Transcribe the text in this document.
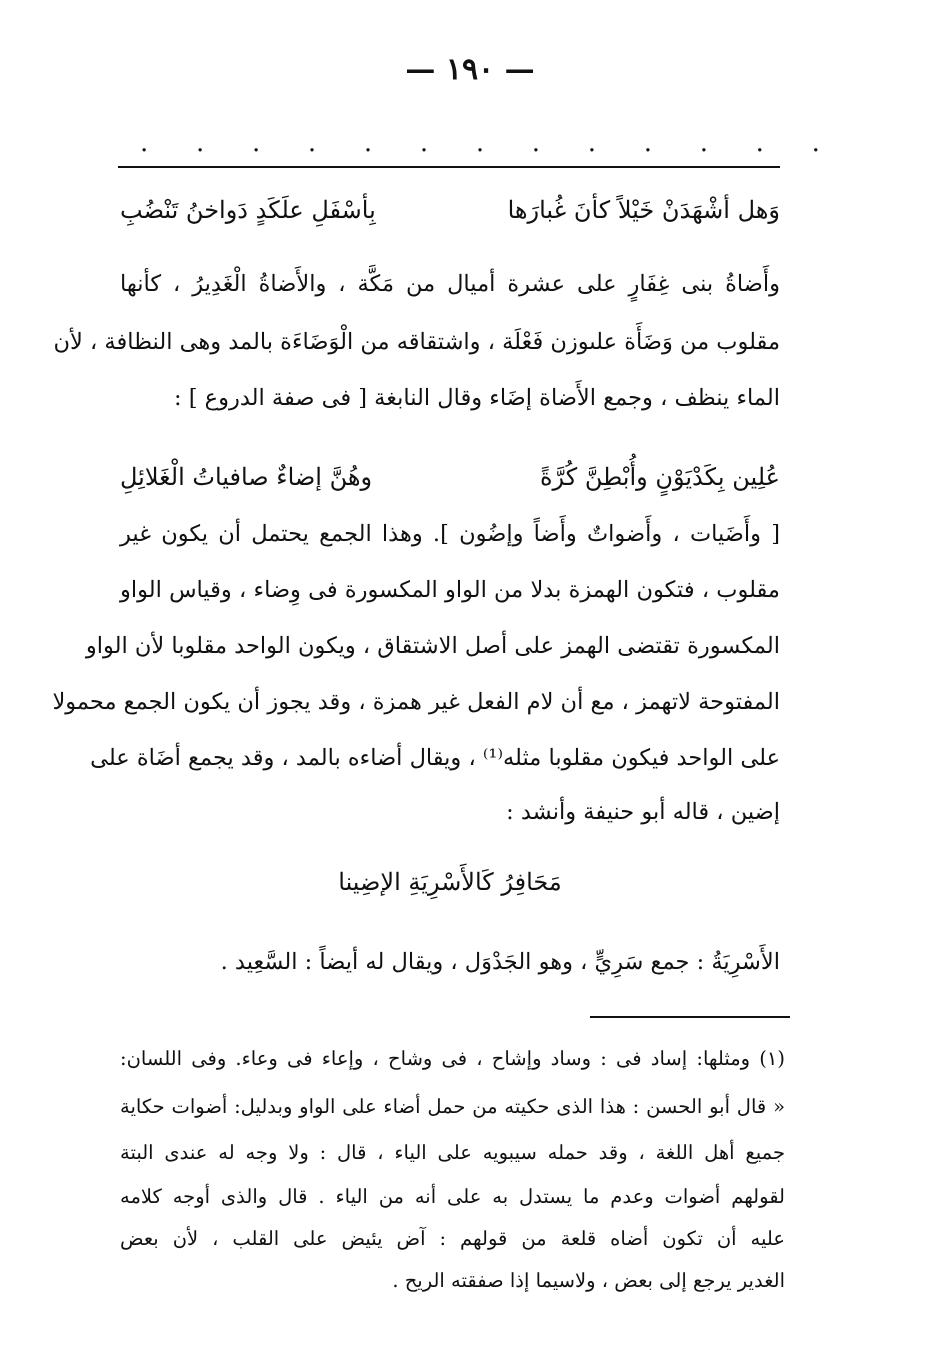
— ١٩٠ —
.
.
.
.
.
.
.
.
.
.
.
.
.
وَهل أشْهَدَنْ خَيْلاً كأنَ غُبارَها
بِأسْفَلِ علَكَدٍ دَواخنُ تَنْضُبِ
وأَضاةُ بنى غِفَارٍ على عشرة أميال من مَكَّة ، والأَضاةُ الْغَدِيرُ ، كأنها
مقلوب من وَضَأَة علىوزن فَعْلَة ، واشتقاقه من الْوَضَاءَة بالمد وهى النظافة ، لأن
الماء ينظف ، وجمع الأَضاة إضَاء وقال النابغة [ فى صفة الدروع ] :
عُلِين بِكَدْيَوْنٍ وأُبْطِنَّ كُرَّةً
وهُنَّ إضاءٌ صافياتُ الْغَلائِلِ
[ وأَضَيات ، وأَضواتٌ وأَضاً وإضُون ]. وهذا الجمع يحتمل أن يكون غير
مقلوب ، فتكون الهمزة بدلا من الواو المكسورة فى وِضاء ، وقياس الواو
المكسورة تقتضى الهمز على أصل الاشتقاق ، ويكون الواحد مقلوبا لأن الواو
المفتوحة لاتهمز ، مع أن لام الفعل غير همزة ، وقد يجوز أن يكون الجمع محمولا
على الواحد فيكون مقلوبا مثله⁽¹⁾ ، ويقال أضاءه بالمد ، وقد يجمع أضَاة على
إضين ، قاله أبو حنيفة وأنشد :
مَحَافِرُ كَالأَسْرِيَةِ الإضِينا
الأَسْرِيَةُ : جمع سَرِيٍّ ، وهو الجَدْوَل ، ويقال له أيضاً : السَّعِيد .
(١) ومثلها: إساد فى : وساد وإشاح ، فى وشاح ، وإعاء فى وعاء. وفى اللسان:
« قال أبو الحسن : هذا الذى حكيته من حمل أضاء على الواو وبدليل: أضوات حكاية
جميع أهل اللغة ، وقد حمله سيبويه على الياء ، قال : ولا وجه له عندى البتة
لقولهم أضوات وعدم ما يستدل به على أنه من الياء . قال والذى أوجه كلامه
عليه أن تكون أضاه قلعة من قولهم : آض يئيض على القلب ، لأن بعض
الغدير يرجع إلى بعض ، ولاسيما إذا صفقته الريح .
